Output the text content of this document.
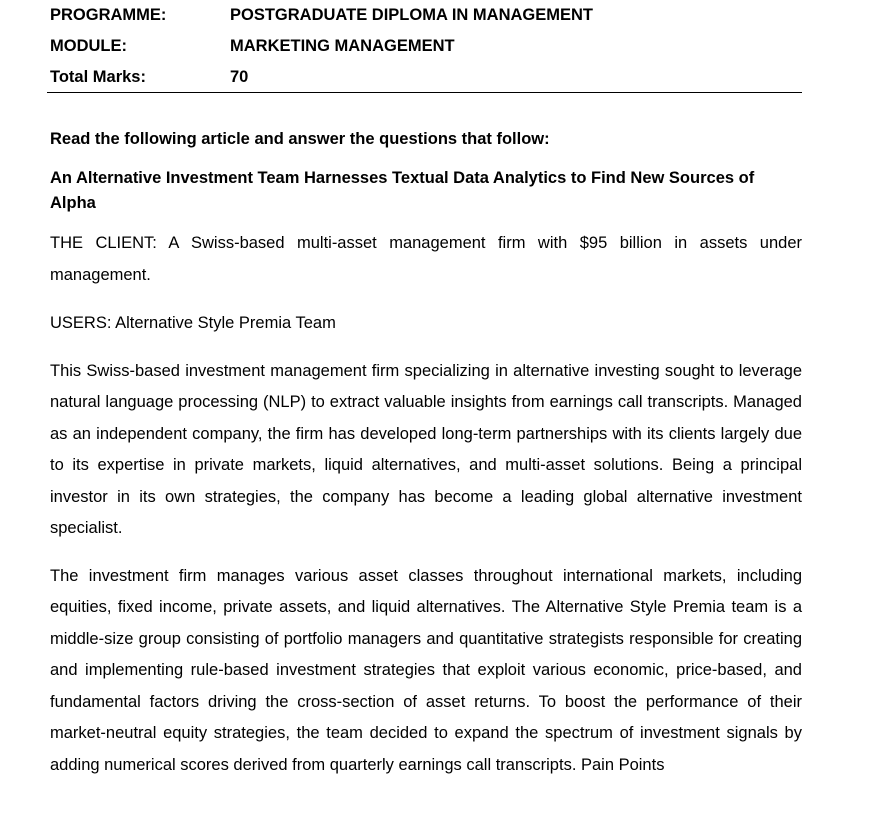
PROGRAMME:	POSTGRADUATE DIPLOMA IN MANAGEMENT
MODULE:	MARKETING MANAGEMENT
Total Marks:	70
Read the following article and answer the questions that follow:
An Alternative Investment Team Harnesses Textual Data Analytics to Find New Sources of Alpha

THE CLIENT: A Swiss-based multi-asset management firm with $95 billion in assets under management.

USERS: Alternative Style Premia Team

This Swiss-based investment management firm specializing in alternative investing sought to leverage natural language processing (NLP) to extract valuable insights from earnings call transcripts. Managed as an independent company, the firm has developed long-term partnerships with its clients largely due to its expertise in private markets, liquid alternatives, and multi-asset solutions. Being a principal investor in its own strategies, the company has become a leading global alternative investment specialist.

The investment firm manages various asset classes throughout international markets, including equities, fixed income, private assets, and liquid alternatives. The Alternative Style Premia team is a middle-size group consisting of portfolio managers and quantitative strategists responsible for creating and implementing rule-based investment strategies that exploit various economic, price-based, and fundamental factors driving the cross-section of asset returns. To boost the performance of their market-neutral equity strategies, the team decided to expand the spectrum of investment signals by adding numerical scores derived from quarterly earnings call transcripts. Pain Points
